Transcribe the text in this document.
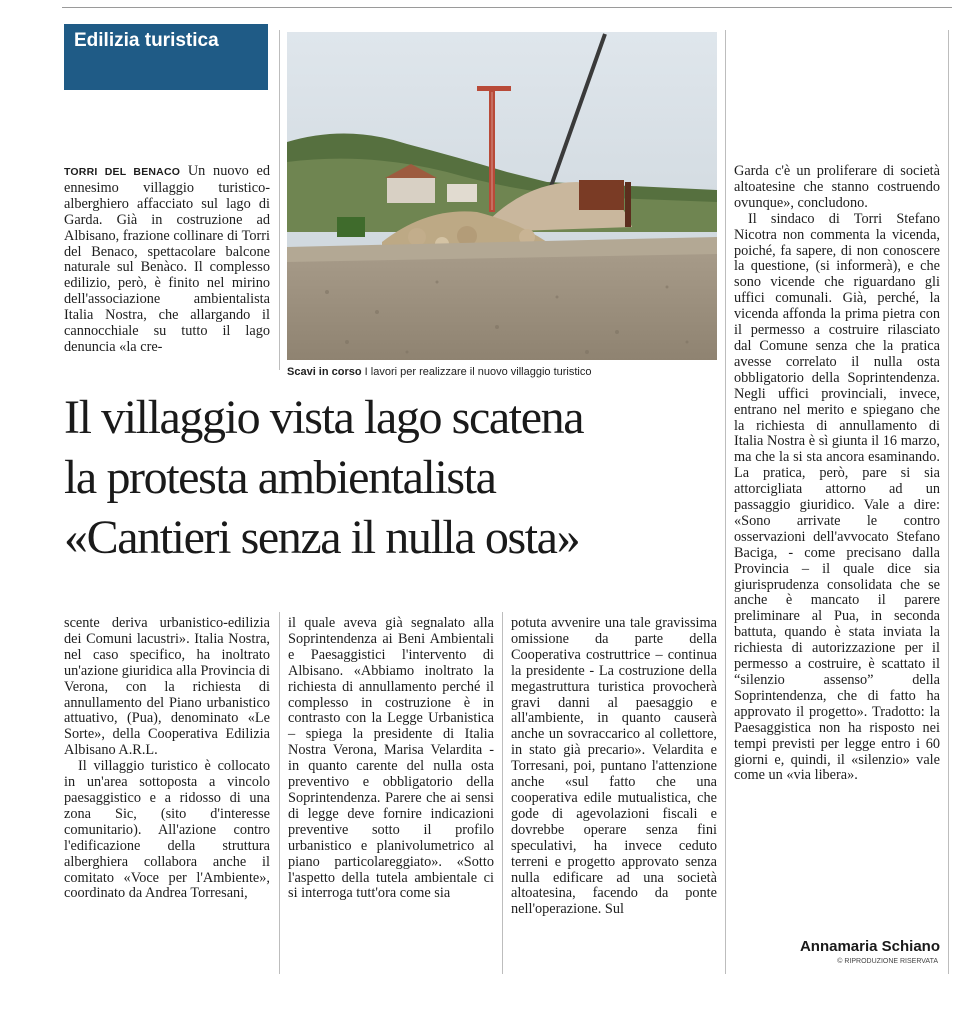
Edilizia turistica

TORRI DEL BENACO Un nuovo ed ennesimo villaggio turistico-alberghiero affacciato sul lago di Garda. Già in costruzione ad Albisano, frazione collinare di Torri del Benaco, spettacolare balcone naturale sul Benàco. Il complesso edilizio, però, è finito nel mirino dell'associazione ambientalista Italia Nostra, che allargando il cannocchiale su tutto il lago denuncia «la cre-

Scavi in corso I lavori per realizzare il nuovo villaggio turistico
Il villaggio vista lago scatena
la protesta ambientalista
«Cantieri senza il nulla osta»

scente deriva urbanistico-edilizia dei Comuni lacustri». Italia Nostra, nel caso specifico, ha inoltrato un'azione giuridica alla Provincia di Verona, con la richiesta di annullamento del Piano urbanistico attuativo, (Pua), denominato «Le Sorte», della Cooperativa Edilizia Albisano A.R.L.

Il villaggio turistico è collocato in un'area sottoposta a vincolo paesaggistico e a ridosso di una zona Sic, (sito d'interesse comunitario). All'azione contro l'edificazione della struttura alberghiera collabora anche il comitato «Voce per l'Ambiente», coordinato da Andrea Torresani,

il quale aveva già segnalato alla Soprintendenza ai Beni Ambientali e Paesaggistici l'intervento di Albisano. «Abbiamo inoltrato la richiesta di annullamento perché il complesso in costruzione è in contrasto con la Legge Urbanistica – spiega la presidente di Italia Nostra Verona, Marisa Velardita - in quanto carente del nulla osta preventivo e obbligatorio della Soprintendenza. Parere che ai sensi di legge deve fornire indicazioni preventive sotto il profilo urbanistico e planivolumetrico al piano particolareggiato». «Sotto l'aspetto della tutela ambientale ci si interroga tutt'ora come sia

potuta avvenire una tale gravissima omissione da parte della Cooperativa costruttrice – continua la presidente - La costruzione della megastruttura turistica provocherà gravi danni al paesaggio e all'ambiente, in quanto causerà anche un sovraccarico al collettore, in stato già precario». Velardita e Torresani, poi, puntano l'attenzione anche «sul fatto che una cooperativa edile mutualistica, che gode di agevolazioni fiscali e dovrebbe operare senza fini speculativi, ha invece ceduto terreni e progetto approvato senza nulla edificare ad una società altoatesina, facendo da ponte nell'operazione. Sul

Garda c'è un proliferare di società altoatesine che stanno costruendo ovunque», concludono.

Il sindaco di Torri Stefano Nicotra non commenta la vicenda, poiché, fa sapere, di non conoscere la questione, (si informerà), e che sono vicende che riguardano gli uffici comunali. Già, perché, la vicenda affonda la prima pietra con il permesso a costruire rilasciato dal Comune senza che la pratica avesse correlato il nulla osta obbligatorio della Soprintendenza. Negli uffici provinciali, invece, entrano nel merito e spiegano che la richiesta di annullamento di Italia Nostra è sì giunta il 16 marzo, ma che la si sta ancora esaminando. La pratica, però, pare si sia attorcigliata attorno ad un passaggio giuridico. Vale a dire: «Sono arrivate le contro osservazioni dell'avvocato Stefano Baciga, - come precisano dalla Provincia – il quale dice sia giurisprudenza consolidata che se anche è mancato il parere preliminare al Pua, in seconda battuta, quando è stata inviata la richiesta di autorizzazione per il permesso a costruire, è scattato il “silenzio assenso” della Soprintendenza, che di fatto ha approvato il progetto». Tradotto: la Paesaggistica non ha risposto nei tempi previsti per legge entro i 60 giorni e, quindi, il «silenzio» vale come un «via libera».

Annamaria Schiano
© RIPRODUZIONE RISERVATA
